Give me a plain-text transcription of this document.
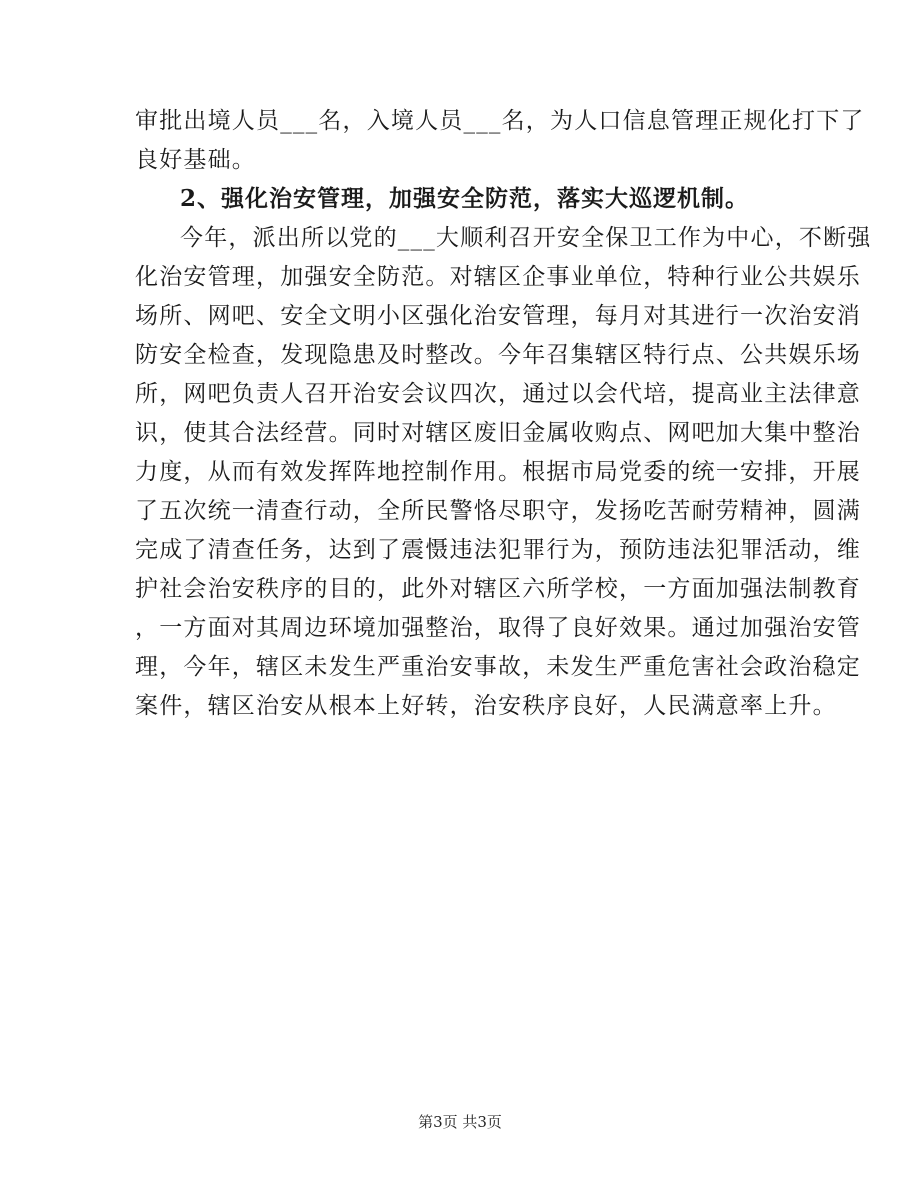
审批出境人员___名，入境人员___名，为人口信息管理正规化打下了
良好基础。
2、强化治安管理，加强安全防范，落实大巡逻机制。
今年，派出所以党的___大顺利召开安全保卫工作为中心，不断强
化治安管理，加强安全防范。对辖区企事业单位，特种行业公共娱乐
场所、网吧、安全文明小区强化治安管理，每月对其进行一次治安消
防安全检查，发现隐患及时整改。今年召集辖区特行点、公共娱乐场
所，网吧负责人召开治安会议四次，通过以会代培，提高业主法律意
识，使其合法经营。同时对辖区废旧金属收购点、网吧加大集中整治
力度，从而有效发挥阵地控制作用。根据市局党委的统一安排，开展
了五次统一清查行动，全所民警恪尽职守，发扬吃苦耐劳精神，圆满
完成了清查任务，达到了震慑违法犯罪行为，预防违法犯罪活动，维
护社会治安秩序的目的，此外对辖区六所学校，一方面加强法制教育
，一方面对其周边环境加强整治，取得了良好效果。通过加强治安管
理，今年，辖区未发生严重治安事故，未发生严重危害社会政治稳定
案件，辖区治安从根本上好转，治安秩序良好，人民满意率上升。
第3页 共3页
